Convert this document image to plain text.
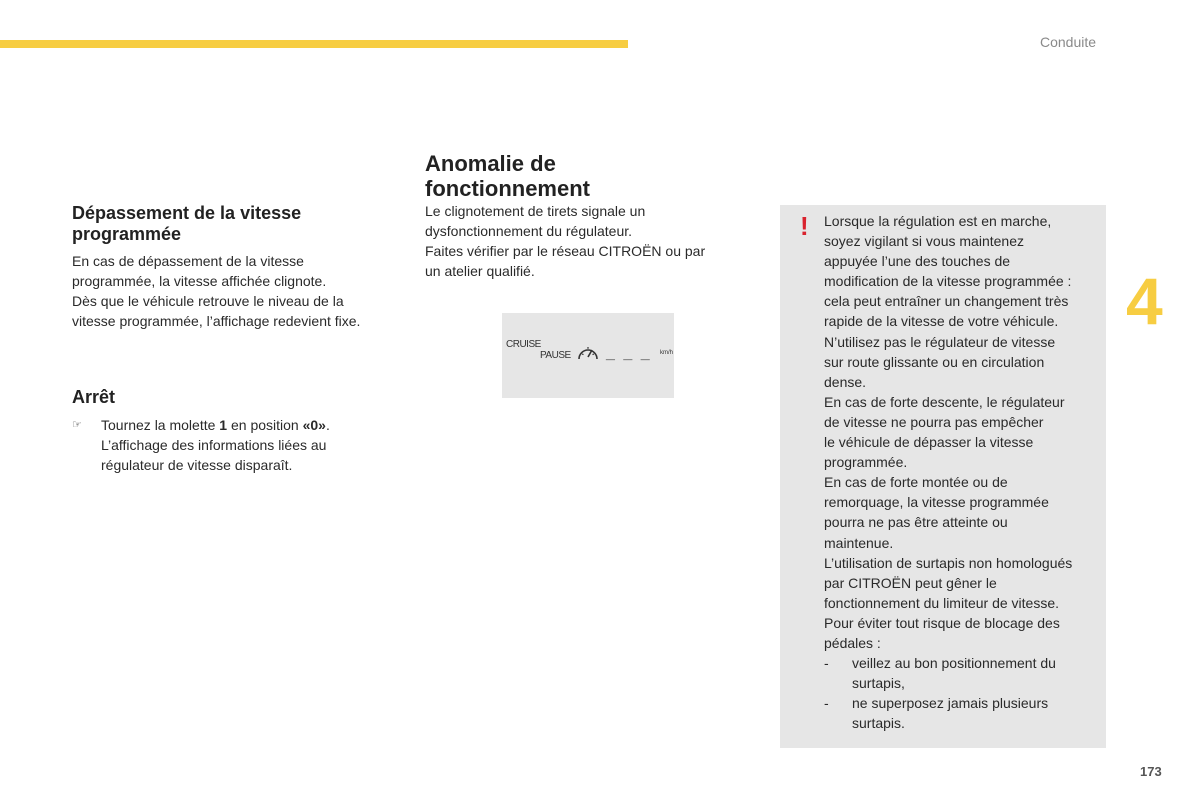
Conduite
4
Dépassement de la vitesse
programmée

En cas de dépassement de la vitesse
programmée, la vitesse affichée clignote.
Dès que le véhicule retrouve le niveau de la
vitesse programmée, l’affichage redevient fixe.

Arrêt
☞ Tournez la molette 1 en position «0».
L’affichage des informations liées au
régulateur de vitesse disparaît.
Anomalie de
fonctionnement

Le clignotement de tirets signale un
dysfonctionnement du régulateur.
Faites vérifier par le réseau CITROËN ou par
un atelier qualifié.

CRUISE
PAUSE _ _ _ km/h
! Lorsque la régulation est en marche,
soyez vigilant si vous maintenez
appuyée l’une des touches de
modification de la vitesse programmée :
cela peut entraîner un changement très
rapide de la vitesse de votre véhicule.
N’utilisez pas le régulateur de vitesse
sur route glissante ou en circulation
dense.
En cas de forte descente, le régulateur
de vitesse ne pourra pas empêcher
le véhicule de dépasser la vitesse
programmée.
En cas de forte montée ou de
remorquage, la vitesse programmée
pourra ne pas être atteinte ou
maintenue.
L’utilisation de surtapis non homologués
par CITROËN peut gêner le
fonctionnement du limiteur de vitesse.
Pour éviter tout risque de blocage des
pédales :
- veillez au bon positionnement du
surtapis,
- ne superposez jamais plusieurs
surtapis.
173
